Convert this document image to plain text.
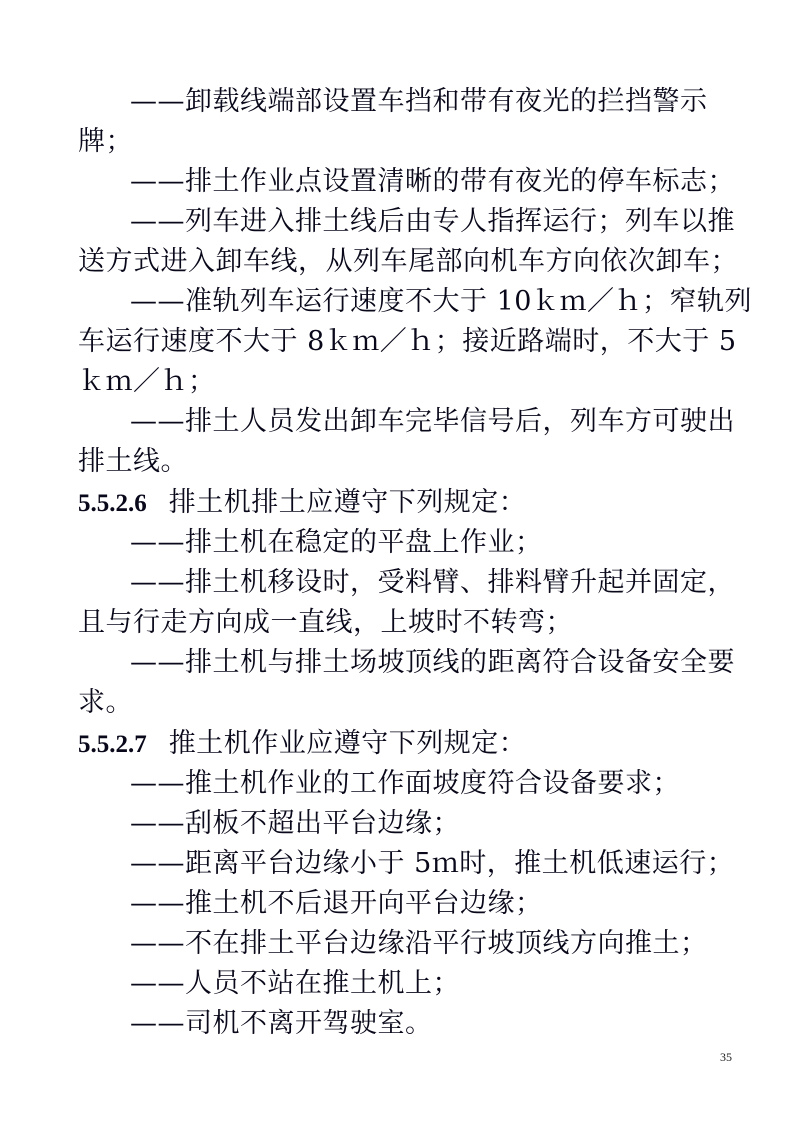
——卸载线端部设置车挡和带有夜光的拦挡警示
牌；
——排土作业点设置清晰的带有夜光的停车标志；
——列车进入排土线后由专人指挥运行；列车以推
送方式进入卸车线，从列车尾部向机车方向依次卸车；
——准轨列车运行速度不大于 10ｋｍ／ｈ；窄轨列
车运行速度不大于 8ｋｍ／ｈ；接近路端时，不大于 5
ｋｍ／ｈ；
——排土人员发出卸车完毕信号后，列车方可驶出
排土线。
5.5.2.6 排土机排土应遵守下列规定：
——排土机在稳定的平盘上作业；
——排土机移设时，受料臂、排料臂升起并固定，
且与行走方向成一直线，上坡时不转弯；
——排土机与排土场坡顶线的距离符合设备安全要
求。
5.5.2.7 推土机作业应遵守下列规定：
——推土机作业的工作面坡度符合设备要求；
——刮板不超出平台边缘；
——距离平台边缘小于 5ｍ时，推土机低速运行；
——推土机不后退开向平台边缘；
——不在排土平台边缘沿平行坡顶线方向推土；
——人员不站在推土机上；
——司机不离开驾驶室。
35
